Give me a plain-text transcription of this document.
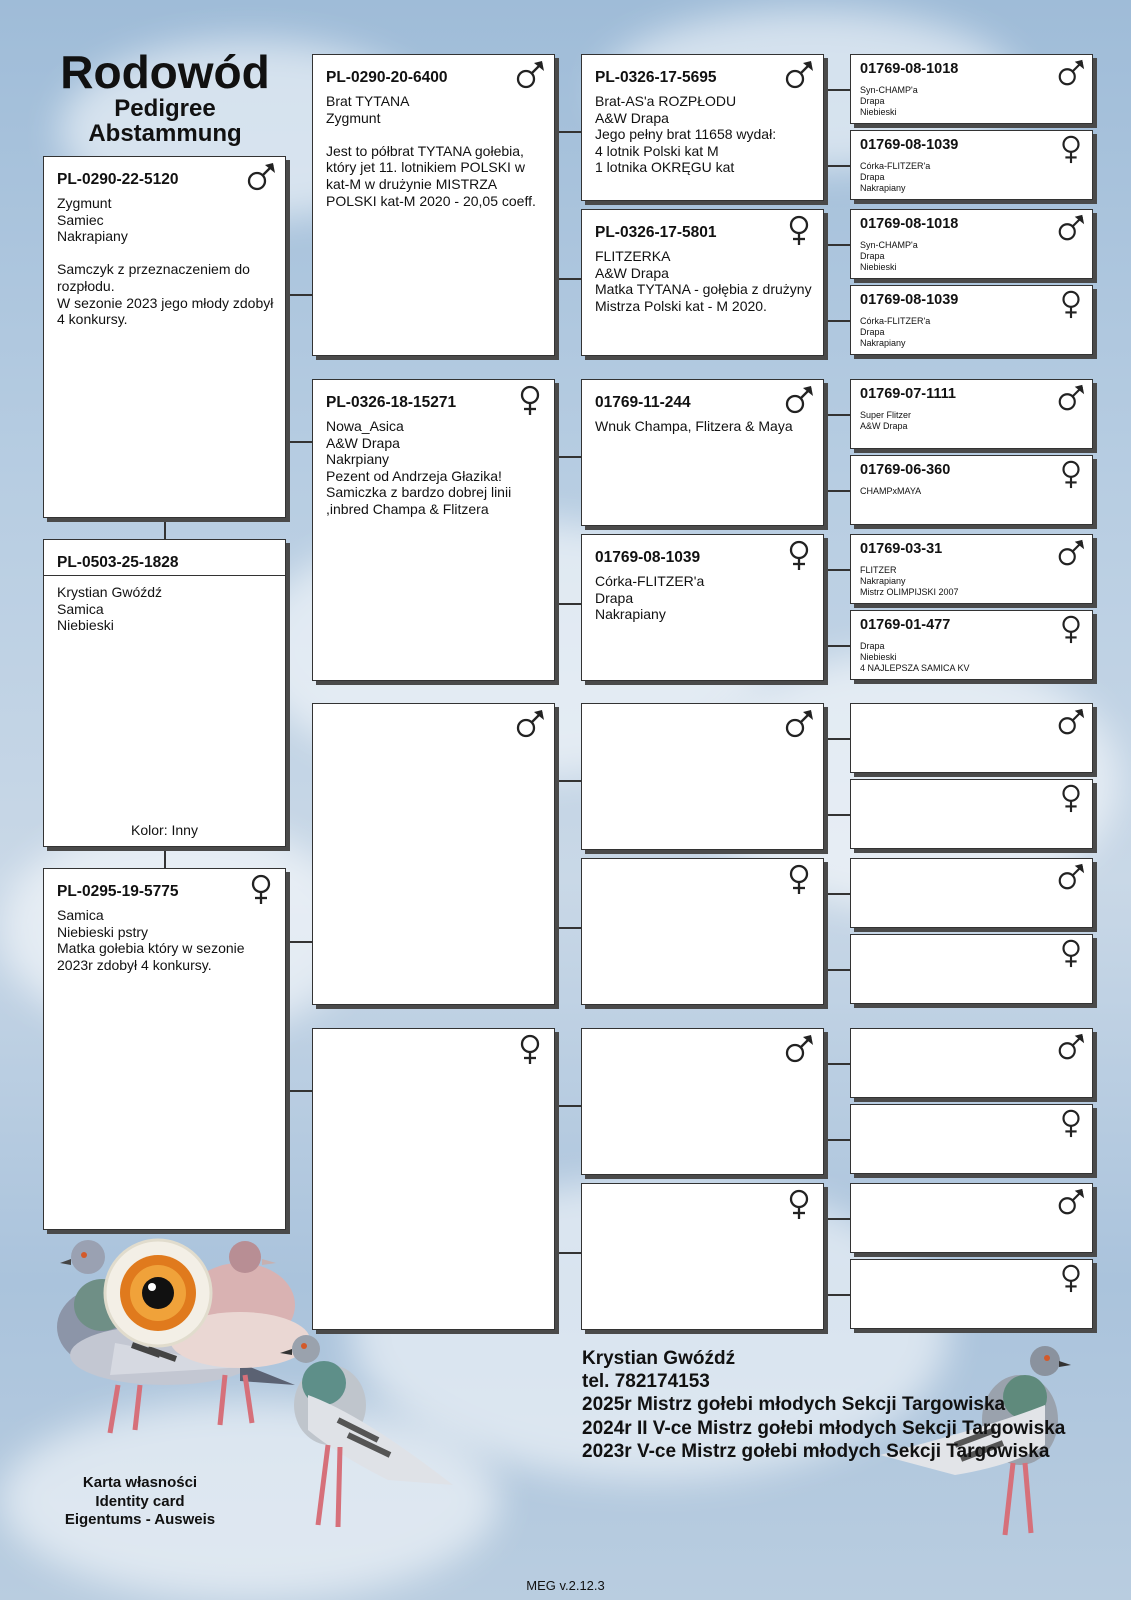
Rodowód
Pedigree
Abstammung
PL-0290-22-5120
Zygmunt
Samiec
Nakrapiany

Samczyk z przeznaczeniem do rozpłodu.
W sezonie 2023 jego młody zdobył 4 konkursy.
PL-0503-25-1828
Krystian Gwóźdź
Samica
Niebieski
Kolor: Inny
PL-0295-19-5775
Samica
Niebieski pstry
Matka gołebia który w sezonie 2023r zdobył 4 konkursy.
PL-0290-20-6400
Brat TYTANA
Zygmunt

Jest to półbrat TYTANA gołebia, który jet 11. lotnikiem POLSKI w kat-M w drużynie MISTRZA POLSKI kat-M 2020 - 20,05 coeff.
PL-0326-18-15271
Nowa_Asica
A&W Drapa
Nakrpiany
Pezent od Andrzeja Głazika!
Samiczka z bardzo dobrej linii ,inbred Champa & Flitzera
PL-0326-17-5695
Brat-AS'a ROZPŁODU
A&W Drapa
Jego pełny brat 11658 wydał:
4 lotnik Polski kat M
1 lotnika OKRĘGU kat
PL-0326-17-5801
FLITZERKA
A&W Drapa
Matka TYTANA - gołębia z drużyny Mistrza Polski kat - M 2020.
01769-11-244
Wnuk Champa, Flitzera & Maya
01769-08-1039
Córka-FLITZER'a
Drapa
Nakrapiany
01769-08-1018
Syn-CHAMP'a
Drapa
Niebieski
01769-08-1039
Córka-FLITZER'a
Drapa
Nakrapiany
01769-08-1018
Syn-CHAMP'a
Drapa
Niebieski
01769-08-1039
Córka-FLITZER'a
Drapa
Nakrapiany
01769-07-1111
Super Flitzer
A&W Drapa
01769-06-360
CHAMPxMAYA
01769-03-31
FLITZER
Nakrapiany
Mistrz OLIMPIJSKI 2007
01769-01-477
Drapa
Niebieski
4 NAJLEPSZA SAMICA KV
Krystian Gwóźdź
tel. 782174153
2025r Mistrz gołebi młodych Sekcji Targowiska
2024r II V-ce Mistrz gołebi młodych Sekcji Targowiska
2023r V-ce Mistrz gołebi młodych Sekcji Targowiska
Karta własności
Identity card
Eigentums - Ausweis
MEG v.2.12.3
